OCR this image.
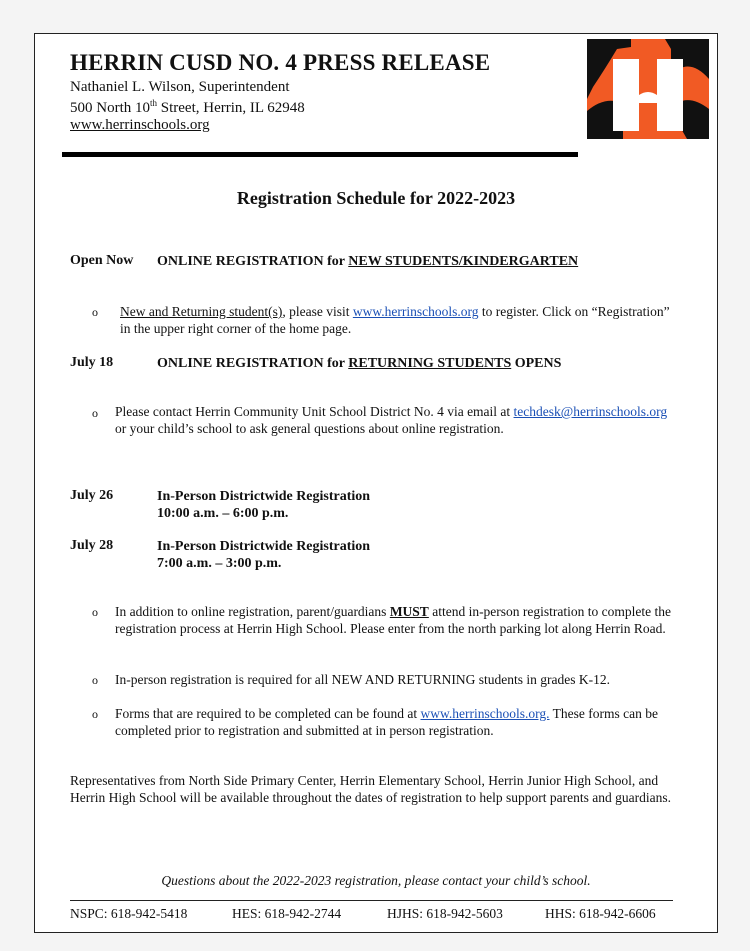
HERRIN CUSD NO. 4 PRESS RELEASE
Nathaniel L. Wilson, Superintendent
500 North 10th Street, Herrin, IL 62948
www.herrinschools.org
Registration Schedule for 2022-2023
Open Now ONLINE REGISTRATION for NEW STUDENTS/KINDERGARTEN
o New and Returning student(s), please visit www.herrinschools.org to register. Click on “Registration” in the upper right corner of the home page.
July 18	ONLINE REGISTRATION for RETURNING STUDENTS OPENS
o Please contact Herrin Community Unit School District No. 4 via email at techdesk@herrinschools.org or your child’s school to ask general questions about online registration.
July 26	In-Person Districtwide Registration
10:00 a.m. – 6:00 p.m.
July 28	In-Person Districtwide Registration
7:00 a.m. – 3:00 p.m.
o In addition to online registration, parent/guardians MUST attend in-person registration to complete the registration process at Herrin High School. Please enter from the north parking lot along Herrin Road.
o In-person registration is required for all NEW AND RETURNING students in grades K-12.
o Forms that are required to be completed can be found at www.herrinschools.org. These forms can be completed prior to registration and submitted at in person registration.
Representatives from North Side Primary Center, Herrin Elementary School, Herrin Junior High School, and Herrin High School will be available throughout the dates of registration to help support parents and guardians.
Questions about the 2022-2023 registration, please contact your child’s school.
NSPC: 618-942-5418	HES: 618-942-2744	HJHS: 618-942-5603	HHS: 618-942-6606
